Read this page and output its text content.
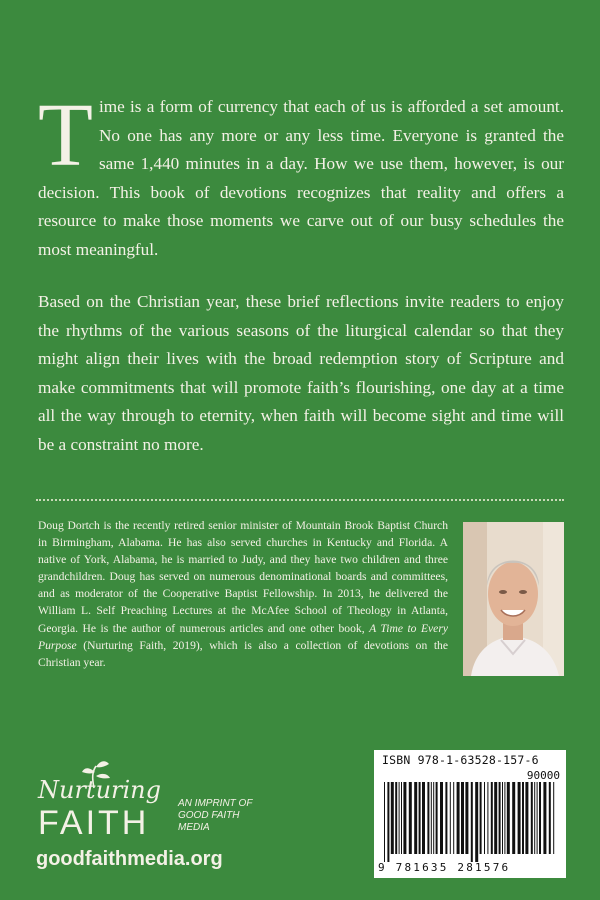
Time is a form of currency that each of us is afforded a set amount. No one has any more or any less time. Everyone is granted the same 1,440 minutes in a day. How we use them, however, is our decision. This book of devotions recognizes that reality and offers a resource to make those moments we carve out of our busy schedules the most meaningful.

Based on the Christian year, these brief reflections invite readers to enjoy the rhythms of the various seasons of the liturgical calendar so that they might align their lives with the broad redemption story of Scripture and make commitments that will promote faith’s flourishing, one day at a time all the way through to eternity, when faith will become sight and time will be a constraint no more.

Doug Dortch is the recently retired senior minister of Mountain Brook Baptist Church in Birmingham, Alabama. He has also served churches in Kentucky and Florida. A native of York, Alabama, he is married to Judy, and they have two children and three grandchildren. Doug has served on numerous denominational boards and committees, and as moderator of the Cooperative Baptist Fellowship. In 2013, he delivered the William L. Self Preaching Lectures at the McAfee School of Theology in Atlanta, Georgia. He is the author of numerous articles and one other book, A Time to Every Purpose (Nurturing Faith, 2019), which is also a collection of devotions on the Christian year.

Nurturing
FAITH

AN IMPRINT OF GOOD FAITH MEDIA

goodfaithmedia.org

ISBN 978-1-63528-157-6

90000

9 781635 281576
